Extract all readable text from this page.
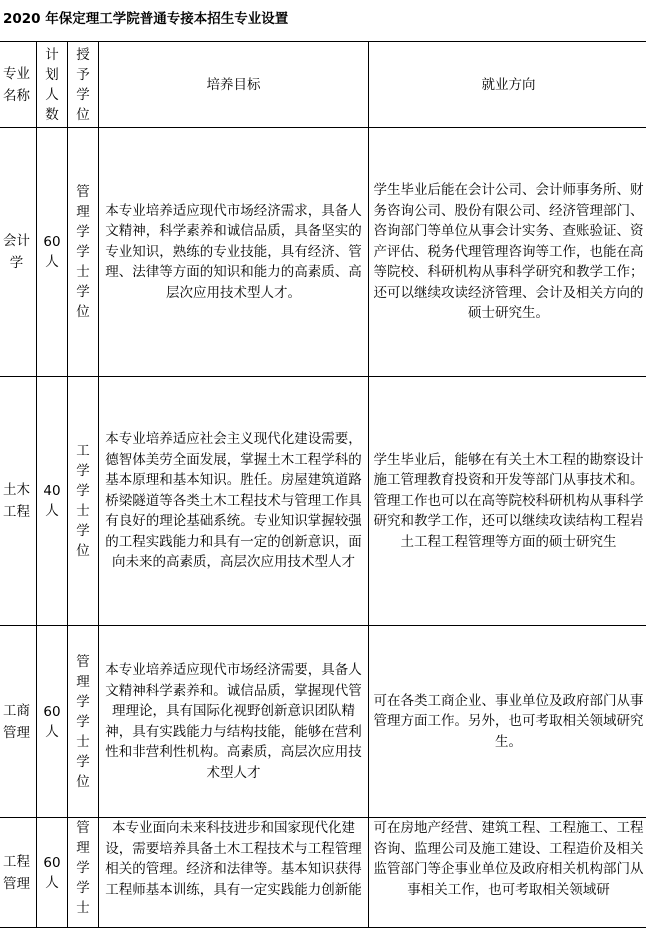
2020 年保定理工学院普通专接本招生专业设置
专业名称	计划人数	授予学位	培养目标	就业方向

会计学	60人	管理学学士学位	本专业培养适应现代市场经济需求，具备人文精神，科学素养和诚信品质，具备坚实的专业知识，熟练的专业技能，具有经济、管理、法律等方面的知识和能力的高素质、高层次应用技术型人才。	学生毕业后能在会计公司、会计师事务所、财务咨询公司、股份有限公司、经济管理部门、咨询部门等单位从事会计实务、查账验证、资产评估、税务代理管理咨询等工作，也能在高等院校、科研机构从事科学研究和教学工作；还可以继续攻读经济管理、会计及相关方向的硕士研究生。

土木工程	40人	工学学士学位	本专业培养适应社会主义现代化建设需要，德智体美劳全面发展，掌握土木工程学科的基本原理和基本知识。胜任。房屋建筑道路桥梁隧道等各类土木工程技术与管理工作具有良好的理论基础系统。专业知识掌握较强的工程实践能力和具有一定的创新意识，面向未来的高素质，高层次应用技术型人才	学生毕业后，能够在有关土木工程的勘察设计施工管理教育投资和开发等部门从事技术和。管理工作也可以在高等院校科研机构从事科学研究和教学工作，还可以继续攻读结构工程岩土工程工程管理等方面的硕士研究生

工商管理	60人	管理学学士学位	本专业培养适应现代市场经济需要，具备人文精神科学素养和。诚信品质，掌握现代管理理论，具有国际化视野创新意识团队精神，具有实践能力与结构技能，能够在营利性和非营利性机构。高素质，高层次应用技术型人才	可在各类工商企业、事业单位及政府部门从事管理方面工作。另外，也可考取相关领域研究生。

工程管理	60人	管理学学士	本专业面向未来科技进步和国家现代化建设，需要培养具备土木工程技术与工程管理相关的管理。经济和法律等。基本知识获得工程师基本训练，具有一定实践能力创新能	可在房地产经营、建筑工程、工程施工、工程咨询、监理公司及施工建设、工程造价及相关监管部门等企事业单位及政府相关机构部门从事相关工作，也可考取相关领域研
